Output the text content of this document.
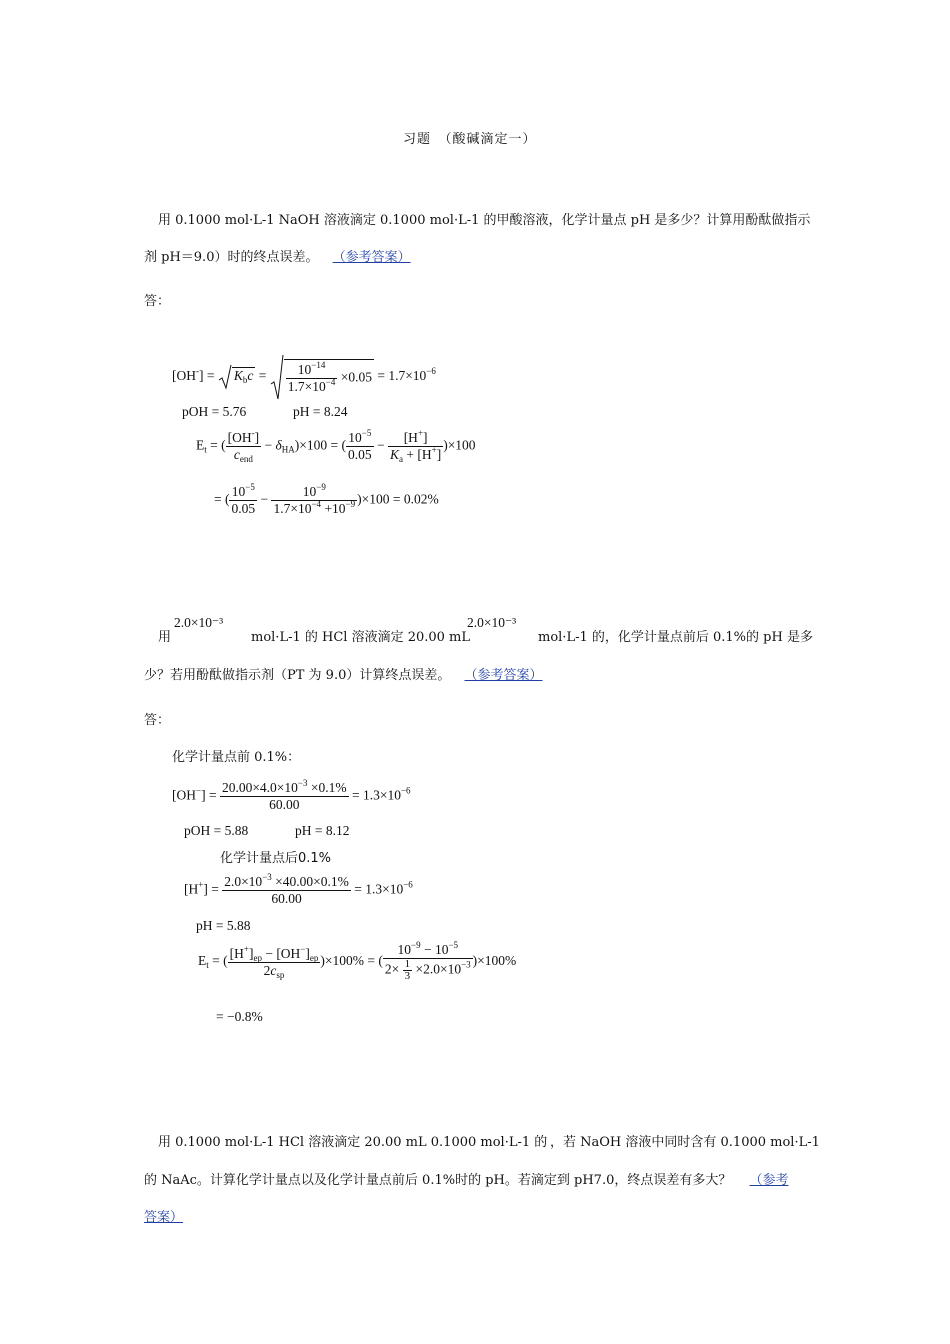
习题　（酸碱滴定一）
用 0.1000 mol·L-1 NaOH 溶液滴定 0.1000 mol·L-1 的甲酸溶液，化学计量点 pH 是多少？计算用酚酞做指示
剂 pH＝9.0）时的终点误差。 （参考答案）
答：
$[OH^-] = K_bc = \frac{10^{-14}}{1.7\times 10^{-4}} \times 0.05 = 1.7\times 10^{-6}$
pOH = 5.76	pH = 8.24
$E_t$ = ( $\frac{[OH^-]}{c_{end}} - \delta_{HA})\times 100$ = ( $\frac{10^{-5}}{0.05} - \frac{[H^+]}{K_a + [H^+]} )\times 100$
= ( $\frac{10^{-5}}{0.05} - \frac{10^{-9}}{1.7\times 10^{-4} +10^{-9}} )\times 100 = 0.02\%$
用
2.0×10⁻³
mol·L-1 的 HCl 溶液滴定 20.00 mL
2.0×10⁻³
mol·L-1 的，化学计量点前后 0.1%的 pH 是多
少？若用酚酞做指示剂（PT 为 9.0）计算终点误差。 （参考答案）
答：
化学计量点前 0.1%：
$[OH^-] = \frac{20.00\times 4.0\times 10^{-3} \times 0.1\%}{60.00} = 1.3\times 10^{-6}$
pOH = 5.88	pH = 8.12
化学计量点后0.1%
$[H^+] = \frac{2.0\times 10^{-3} \times 40.00\times 0.1\%}{60.00} = 1.3\times 10^{-6}$
pH = 5.88
$E_t$ = ( $\frac{[H^+]_{ep} - [OH^-]_{ep}}{2c_{sp}} )\times 100\%$ = ( $\frac{10^{-9} - 10^{-5}}{2\times \frac{1}{3} \times 2.0\times 10^{-3}} )\times 100\%$
= −0.8%
用 0.1000 mol·L-1 HCl 溶液滴定 20.00 mL 0.1000 mol·L-1 的 ，若 NaOH 溶液中同时含有 0.1000 mol·L-1
的 NaAc。计算化学计量点以及化学计量点前后 0.1%时的 pH。若滴定到 pH7.0，终点误差有多大？ （参考
答案）
